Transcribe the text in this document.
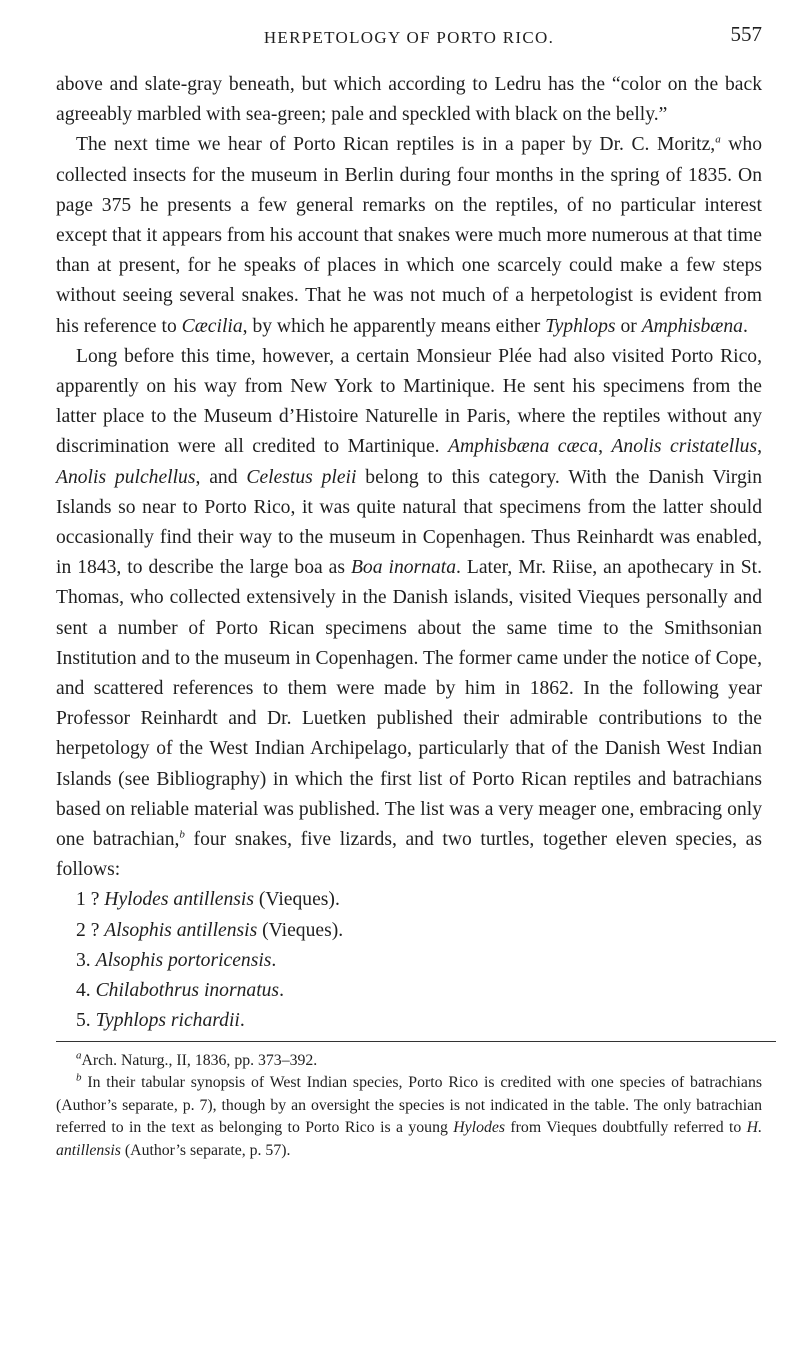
HERPETOLOGY OF PORTO RICO.	557

above and slate-gray beneath, but which according to Ledru has the “color on the back agreeably marbled with sea-green; pale and speckled with black on the belly.”

The next time we hear of Porto Rican reptiles is in a paper by Dr. C. Moritz,$^a$ who collected insects for the museum in Berlin during four months in the spring of 1835. On page 375 he presents a few general remarks on the reptiles, of no particular interest except that it appears from his account that snakes were much more numerous at that time than at present, for he speaks of places in which one scarcely could make a few steps without seeing several snakes. That he was not much of a herpetologist is evident from his reference to Cæcilia, by which he apparently means either Typhlops or Amphisbæna.

Long before this time, however, a certain Monsieur Plée had also visited Porto Rico, apparently on his way from New York to Martinique. He sent his specimens from the latter place to the Museum d’Histoire Naturelle in Paris, where the reptiles without any discrimination were all credited to Martinique. Amphisbæna cæca, Anolis cristatellus, Anolis pulchellus, and Celestus pleii belong to this category. With the Danish Virgin Islands so near to Porto Rico, it was quite natural that specimens from the latter should occasionally find their way to the museum in Copenhagen. Thus Reinhardt was enabled, in 1843, to describe the large boa as Boa inornata. Later, Mr. Riise, an apothecary in St. Thomas, who collected extensively in the Danish islands, visited Vieques personally and sent a number of Porto Rican specimens about the same time to the Smithsonian Institution and to the museum in Copenhagen. The former came under the notice of Cope, and scattered references to them were made by him in 1862. In the following year Professor Reinhardt and Dr. Luetken published their admirable contributions to the herpetology of the West Indian Archipelago, particularly that of the Danish West Indian Islands (see Bibliography) in which the first list of Porto Rican reptiles and batrachians based on reliable material was published. The list was a very meager one, embracing only one batrachian,$^b$ four snakes, five lizards, and two turtles, together eleven species, as follows:

1 ? Hylodes antillensis (Vieques).
2 ? Alsophis antillensis (Vieques).
3. Alsophis portoricensis.
4. Chilabothrus inornatus.
5. Typhlops richardii.

$^a$Arch. Naturg., II, 1836, pp. 373–392.

$^b$ In their tabular synopsis of West Indian species, Porto Rico is credited with one species of batrachians (Author’s separate, p. 7), though by an oversight the species is not indicated in the table. The only batrachian referred to in the text as belonging to Porto Rico is a young Hylodes from Vieques doubtfully referred to H. antillensis (Author’s separate, p. 57).
